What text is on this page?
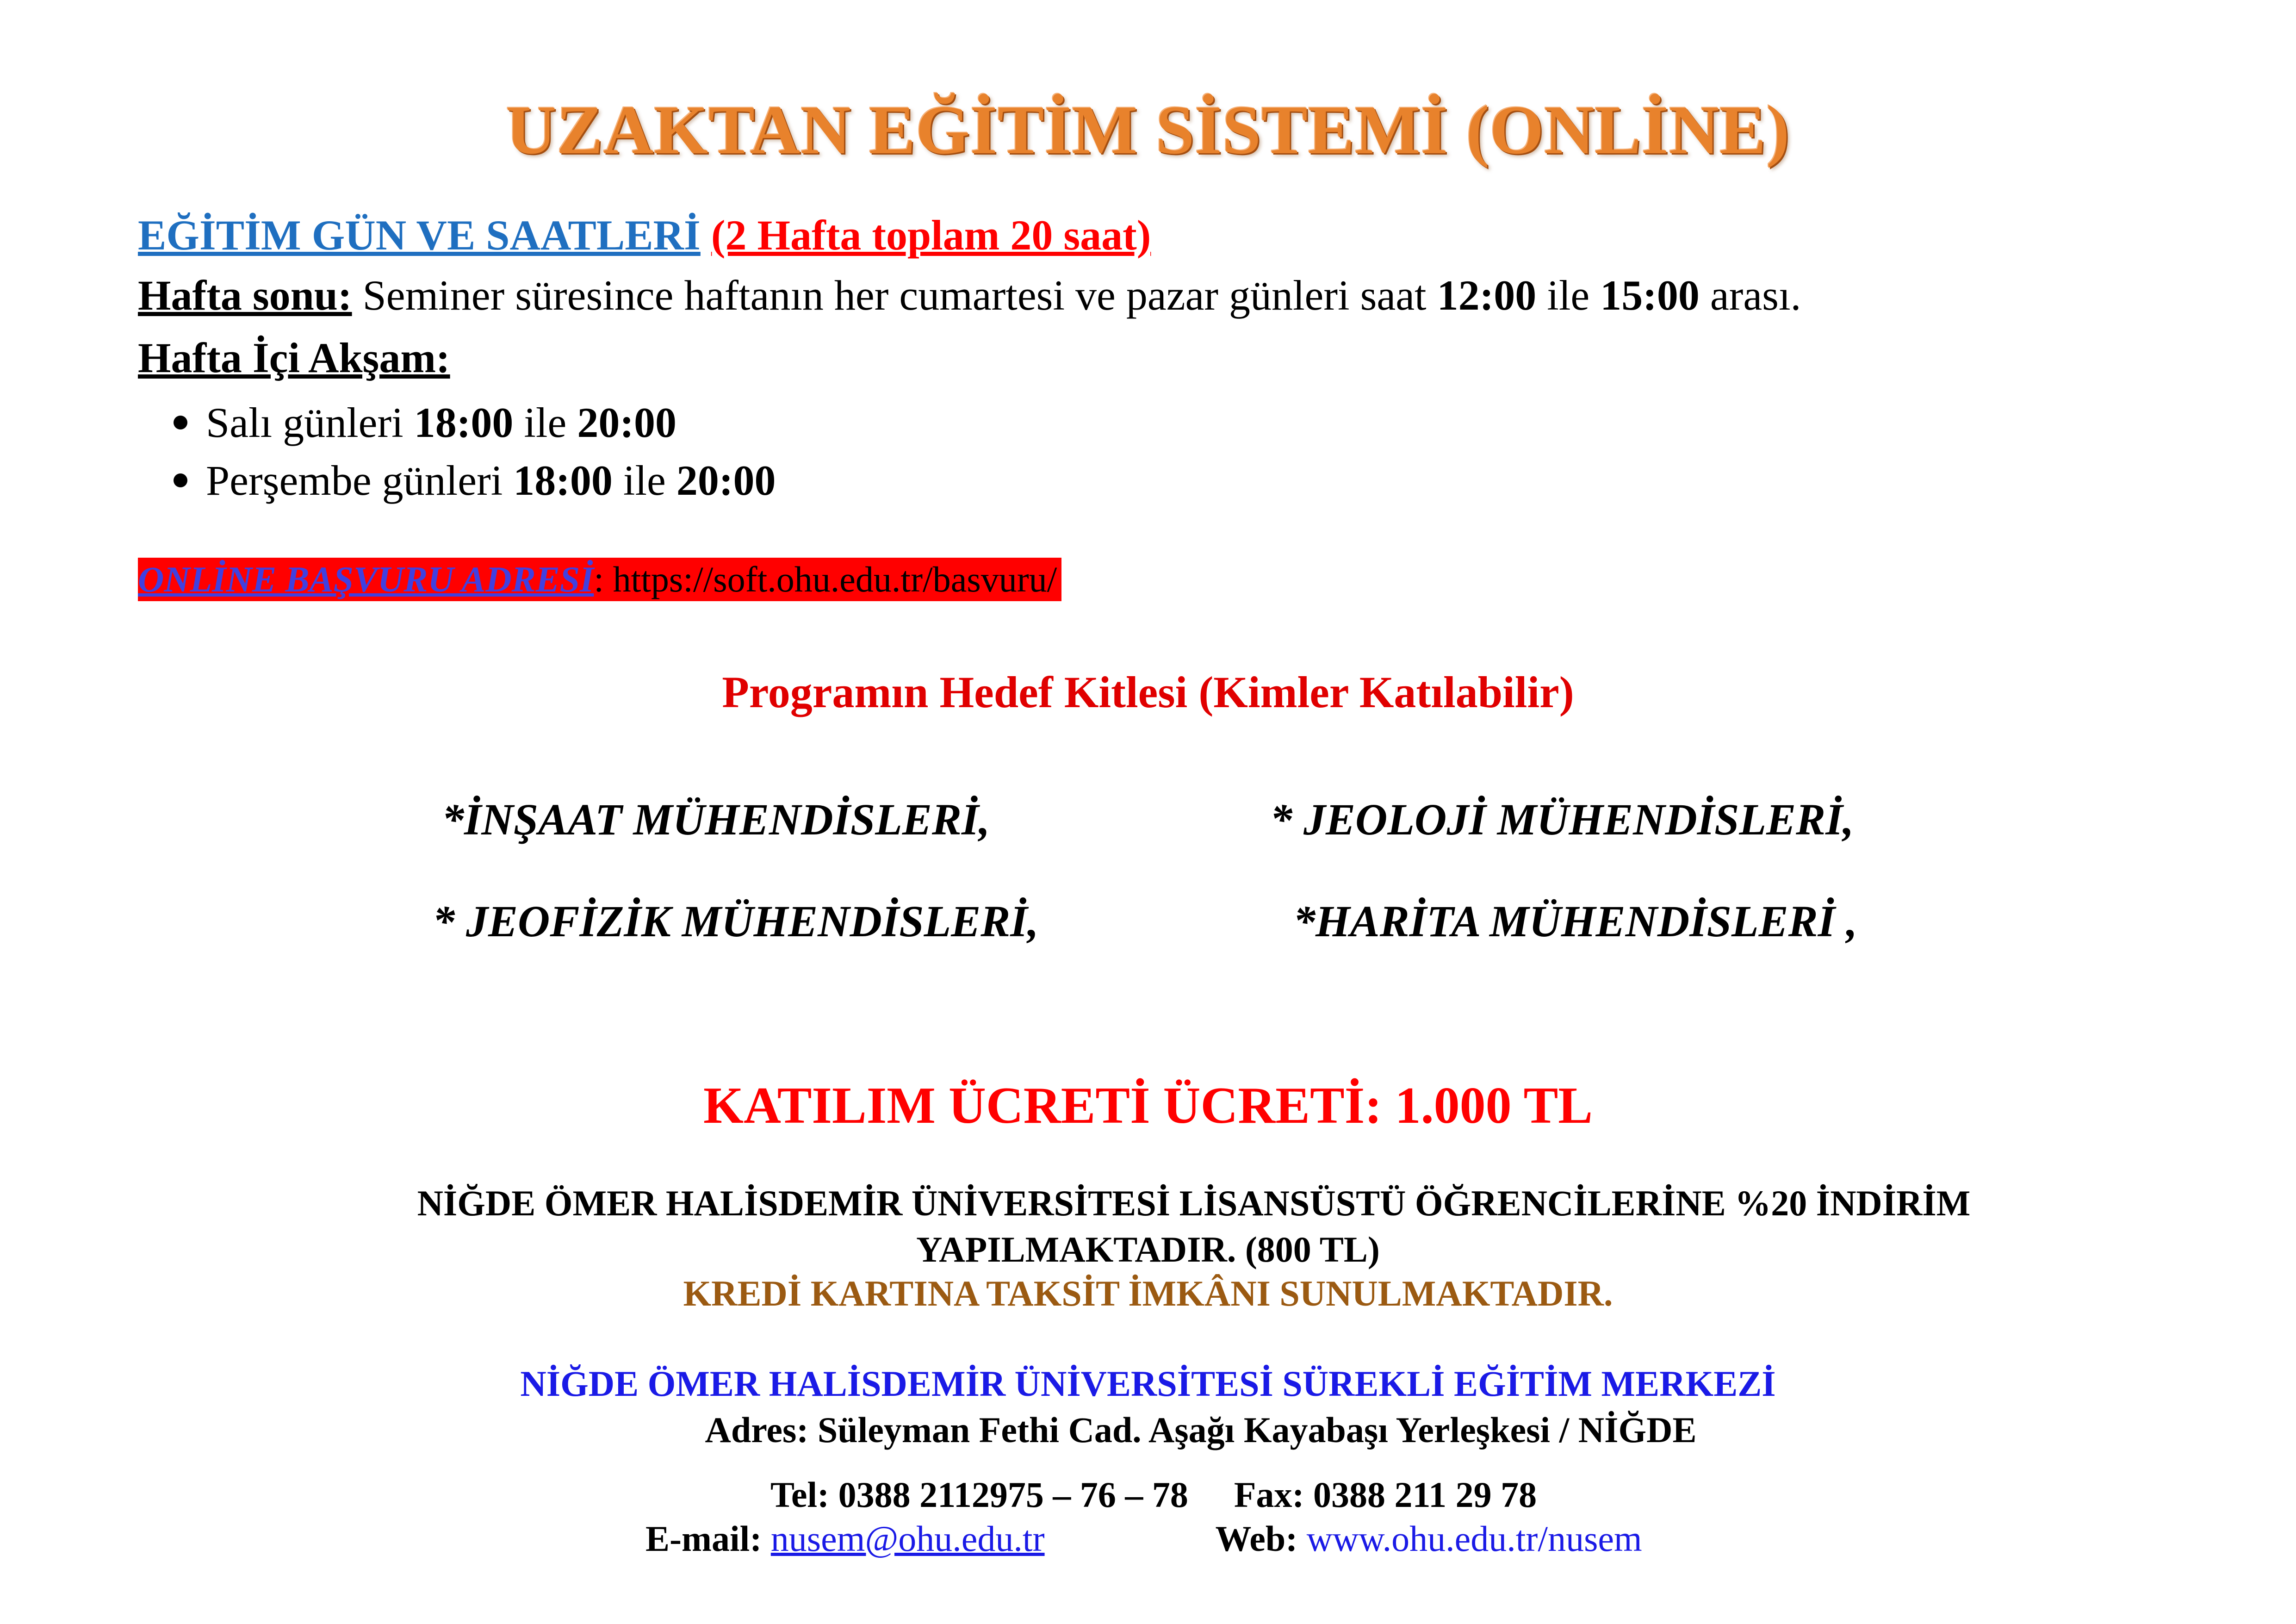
UZAKTAN EĞİTİM SİSTEMİ (ONLİNE)
EĞİTİM GÜN VE SAATLERİ (2 Hafta toplam 20 saat)
Hafta sonu: Seminer süresince haftanın her cumartesi ve pazar günleri saat 12:00 ile 15:00 arası.
Hafta İçi Akşam:
Salı günleri 18:00 ile 20:00
Perşembe günleri 18:00 ile 20:00
ONLİNE BAŞVURU ADRESİ: https://soft.ohu.edu.tr/basvuru/
Programın Hedef Kitlesi (Kimler Katılabilir)
*İNŞAAT MÜHENDİSLERİ,	* JEOLOJİ MÜHENDİSLERİ,
* JEOFİZİK MÜHENDİSLERİ,	*HARİTA MÜHENDİSLERİ ,
KATILIM ÜCRETİ ÜCRETİ: 1.000 TL
NİĞDE ÖMER HALİSDEMİR ÜNİVERSİTESİ LİSANSÜSTÜ ÖĞRENCİLERİNE %20 İNDİRİM
YAPILMAKTADIR. (800 TL)
KREDİ KARTINA TAKSİT İMKÂNI SUNULMAKTADIR.
NİĞDE ÖMER HALİSDEMİR ÜNİVERSİTESİ SÜREKLİ EĞİTİM MERKEZİ
Adres: Süleyman Fethi Cad. Aşağı Kayabaşı Yerleşkesi / NİĞDE
Tel: 0388 2112975 – 76 – 78 Fax: 0388 211 29 78
E-mail: nusem@ohu.edu.tr	Web: www.ohu.edu.tr/nusem
